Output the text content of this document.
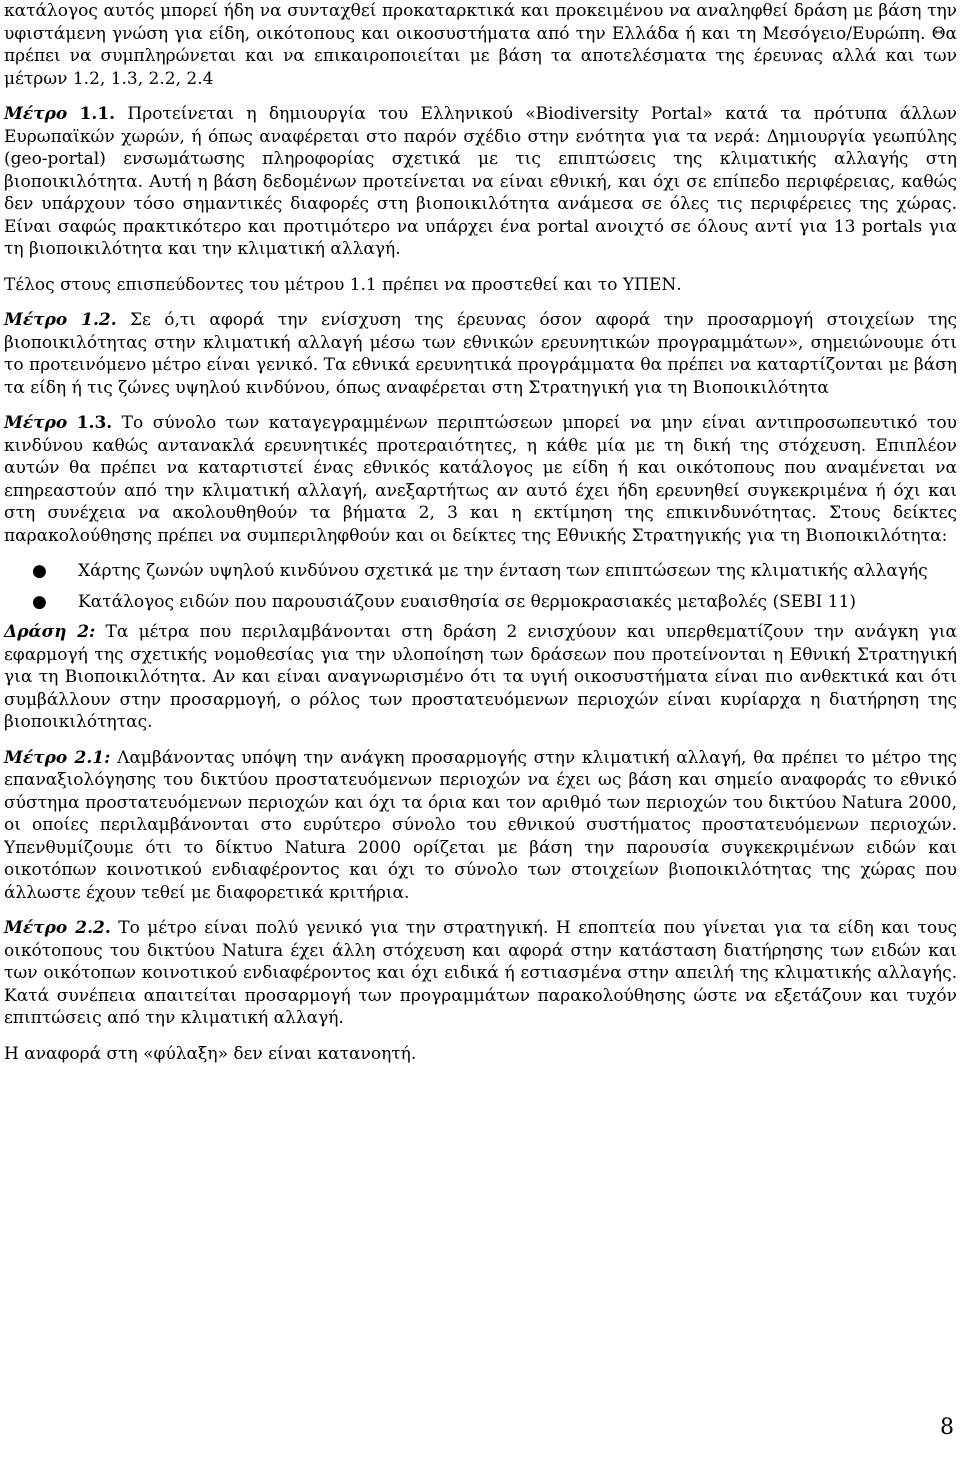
κατάλογος αυτός μπορεί ήδη να συνταχθεί προκαταρκτικά και προκειμένου να αναληφθεί δράση με βάση την υφιστάμενη γνώση για είδη, οικότοπους και οικοσυστήματα από την Ελλάδα ή και τη Μεσόγειο/Ευρώπη. Θα πρέπει να συμπληρώνεται και να επικαιροποιείται με βάση τα αποτελέσματα της έρευνας αλλά και των μέτρων 1.2, 1.3, 2.2, 2.4

Μέτρο 1.1. Προτείνεται η δημιουργία του Ελληνικού «Biodiversity Portal» κατά τα πρότυπα άλλων Ευρωπαϊκών χωρών, ή όπως αναφέρεται στο παρόν σχέδιο στην ενότητα για τα νερά: Δημιουργία γεωπύλης (geo-portal) ενσωμάτωσης πληροφορίας σχετικά με τις επιπτώσεις της κλιματικής αλλαγής στη βιοποικιλότητα. Αυτή η βάση δεδομένων προτείνεται να είναι εθνική, και όχι σε επίπεδο περιφέρειας, καθώς δεν υπάρχουν τόσο σημαντικές διαφορές στη βιοποικιλότητα ανάμεσα σε όλες τις περιφέρειες της χώρας. Είναι σαφώς πρακτικότερο και προτιμότερο να υπάρχει ένα portal ανοιχτό σε όλους αντί για 13 portals για τη βιοποικιλότητα και την κλιματική αλλαγή.

Τέλος στους επισπεύδοντες του μέτρου 1.1 πρέπει να προστεθεί και το ΥΠΕΝ.

Μέτρο 1.2. Σε ό,τι αφορά την ενίσχυση της έρευνας όσον αφορά την προσαρμογή στοιχείων της βιοποικιλότητας στην κλιματική αλλαγή μέσω των εθνικών ερευνητικών προγραμμάτων», σημειώνουμε ότι το προτεινόμενο μέτρο είναι γενικό. Τα εθνικά ερευνητικά προγράμματα θα πρέπει να καταρτίζονται με βάση τα είδη ή τις ζώνες υψηλού κινδύνου, όπως αναφέρεται στη Στρατηγική για τη Βιοποικιλότητα

Μέτρο 1.3. Το σύνολο των καταγεγραμμένων περιπτώσεων μπορεί να μην είναι αντιπροσωπευτικό του κινδύνου καθώς αντανακλά ερευνητικές προτεραιότητες, η κάθε μία με τη δική της στόχευση. Επιπλέον αυτών θα πρέπει να καταρτιστεί ένας εθνικός κατάλογος με είδη ή και οικότοπους που αναμένεται να επηρεαστούν από την κλιματική αλλαγή, ανεξαρτήτως αν αυτό έχει ήδη ερευνηθεί συγκεκριμένα ή όχι και στη συνέχεια να ακολουθηθούν τα βήματα 2, 3 και η εκτίμηση της επικινδυνότητας. Στους δείκτες παρακολούθησης πρέπει να συμπεριληφθούν και οι δείκτες της Εθνικής Στρατηγικής για τη Βιοποικιλότητα:

● Χάρτης ζωνών υψηλού κινδύνου σχετικά με την ένταση των επιπτώσεων της κλιματικής αλλαγής
● Κατάλογος ειδών που παρουσιάζουν ευαισθησία σε θερμοκρασιακές μεταβολές (SEBI 11)

Δράση 2: Τα μέτρα που περιλαμβάνονται στη δράση 2 ενισχύουν και υπερθεματίζουν την ανάγκη για εφαρμογή της σχετικής νομοθεσίας για την υλοποίηση των δράσεων που προτείνονται η Εθνική Στρατηγική για τη Βιοποικιλότητα. Αν και είναι αναγνωρισμένο ότι τα υγιή οικοσυστήματα είναι πιο ανθεκτικά και ότι συμβάλλουν στην προσαρμογή, ο ρόλος των προστατευόμενων περιοχών είναι κυρίαρχα η διατήρηση της βιοποικιλότητας.

Μέτρο 2.1: Λαμβάνοντας υπόψη την ανάγκη προσαρμογής στην κλιματική αλλαγή, θα πρέπει το μέτρο της επαναξιολόγησης του δικτύου προστατευόμενων περιοχών να έχει ως βάση και σημείο αναφοράς το εθνικό σύστημα προστατευόμενων περιοχών και όχι τα όρια και τον αριθμό των περιοχών του δικτύου Natura 2000, οι οποίες περιλαμβάνονται στο ευρύτερο σύνολο του εθνικού συστήματος προστατευόμενων περιοχών. Υπενθυμίζουμε ότι το δίκτυο Natura 2000 ορίζεται με βάση την παρουσία συγκεκριμένων ειδών και οικοτόπων κοινοτικού ενδιαφέροντος και όχι το σύνολο των στοιχείων βιοποικιλότητας της χώρας που άλλωστε έχουν τεθεί με διαφορετικά κριτήρια.

Μέτρο 2.2. Το μέτρο είναι πολύ γενικό για την στρατηγική. Η εποπτεία που γίνεται για τα είδη και τους οικότοπους του δικτύου Natura έχει άλλη στόχευση και αφορά στην κατάσταση διατήρησης των ειδών και των οικότοπων κοινοτικού ενδιαφέροντος και όχι ειδικά ή εστιασμένα στην απειλή της κλιματικής αλλαγής. Κατά συνέπεια απαιτείται προσαρμογή των προγραμμάτων παρακολούθησης ώστε να εξετάζουν και τυχόν επιπτώσεις από την κλιματική αλλαγή.

Η αναφορά στη «φύλαξη» δεν είναι κατανοητή.

8
